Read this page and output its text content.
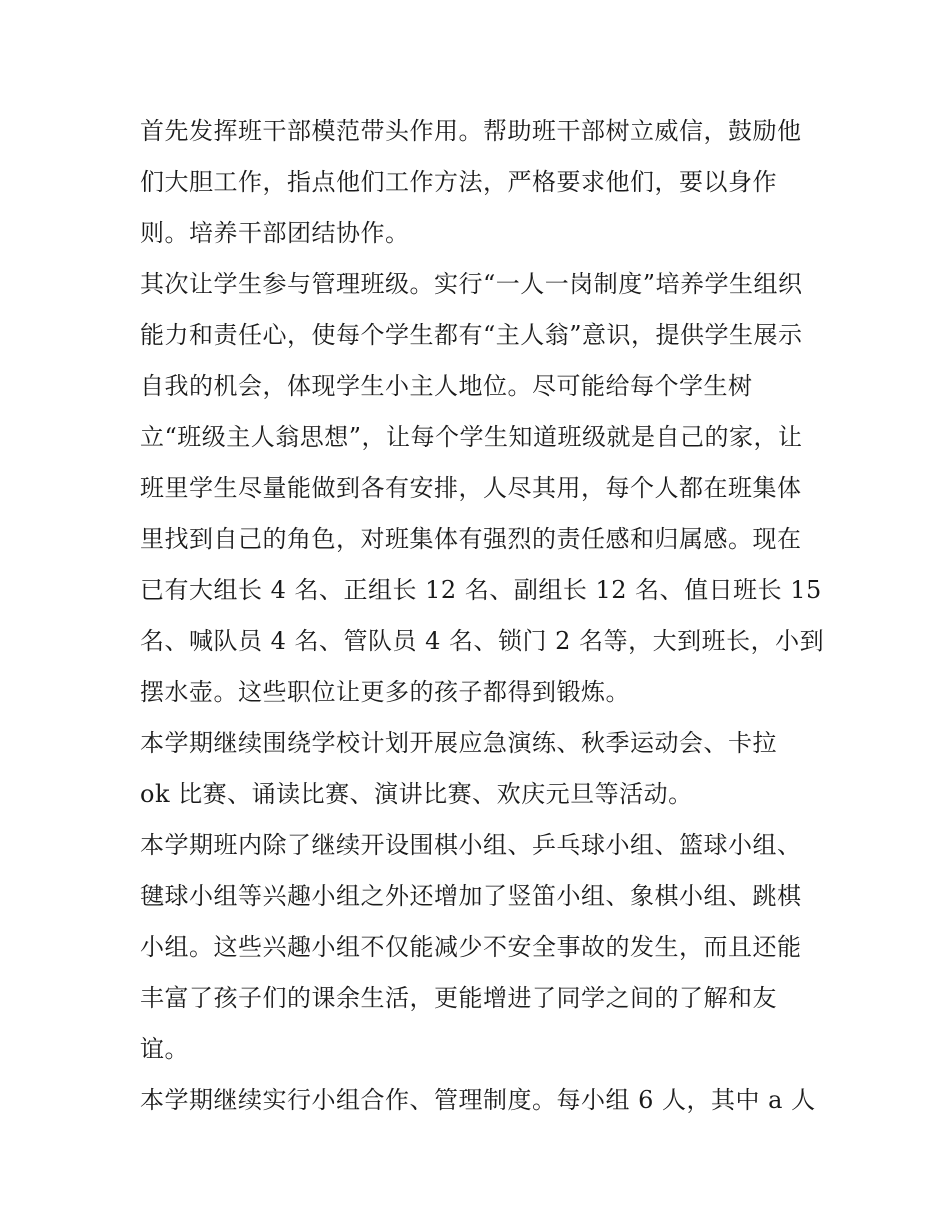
首先发挥班干部模范带头作用。帮助班干部树立威信，鼓励他
们大胆工作，指点他们工作方法，严格要求他们，要以身作
则。培养干部团结协作。
其次让学生参与管理班级。实行“一人一岗制度”培养学生组织
能力和责任心，使每个学生都有“主人翁”意识，提供学生展示
自我的机会，体现学生小主人地位。尽可能给每个学生树
立“班级主人翁思想”，让每个学生知道班级就是自己的家，让
班里学生尽量能做到各有安排，人尽其用，每个人都在班集体
里找到自己的角色，对班集体有强烈的责任感和归属感。现在
已有大组长 4 名、正组长 12 名、副组长 12 名、值日班长 15
名、喊队员 4 名、管队员 4 名、锁门 2 名等，大到班长，小到
摆水壶。这些职位让更多的孩子都得到锻炼。
本学期继续围绕学校计划开展应急演练、秋季运动会、卡拉
ok 比赛、诵读比赛、演讲比赛、欢庆元旦等活动。
本学期班内除了继续开设围棋小组、乒乓球小组、篮球小组、
毽球小组等兴趣小组之外还增加了竖笛小组、象棋小组、跳棋
小组。这些兴趣小组不仅能减少不安全事故的发生，而且还能
丰富了孩子们的课余生活，更能增进了同学之间的了解和友
谊。
本学期继续实行小组合作、管理制度。每小组 6 人，其中 a 人
